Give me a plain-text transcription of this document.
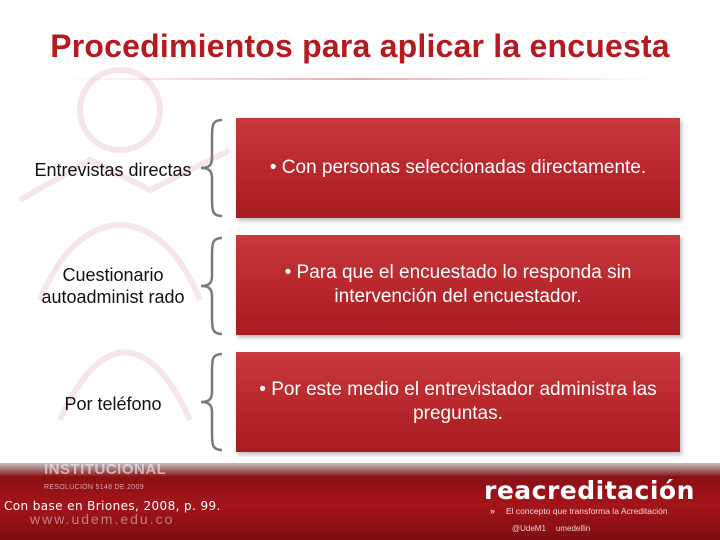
Procedimientos para aplicar la encuesta
Entrevistas directas	• Con personas seleccionadas directamente.
Cuestionario autoadminist rado
• Para que el encuestado lo responda sin intervención del encuestador.
Por teléfono
• Por este medio el entrevistador administra las preguntas.
ACREDITACIÓN
INSTITUCIONAL
RESOLUCIÓN 5148 DE 2009
www.udem.edu.co
Con base en Briones, 2008, p. 99.
reacreditación
» El concepto que transforma la Acreditación
@UdeM1 umedellin
